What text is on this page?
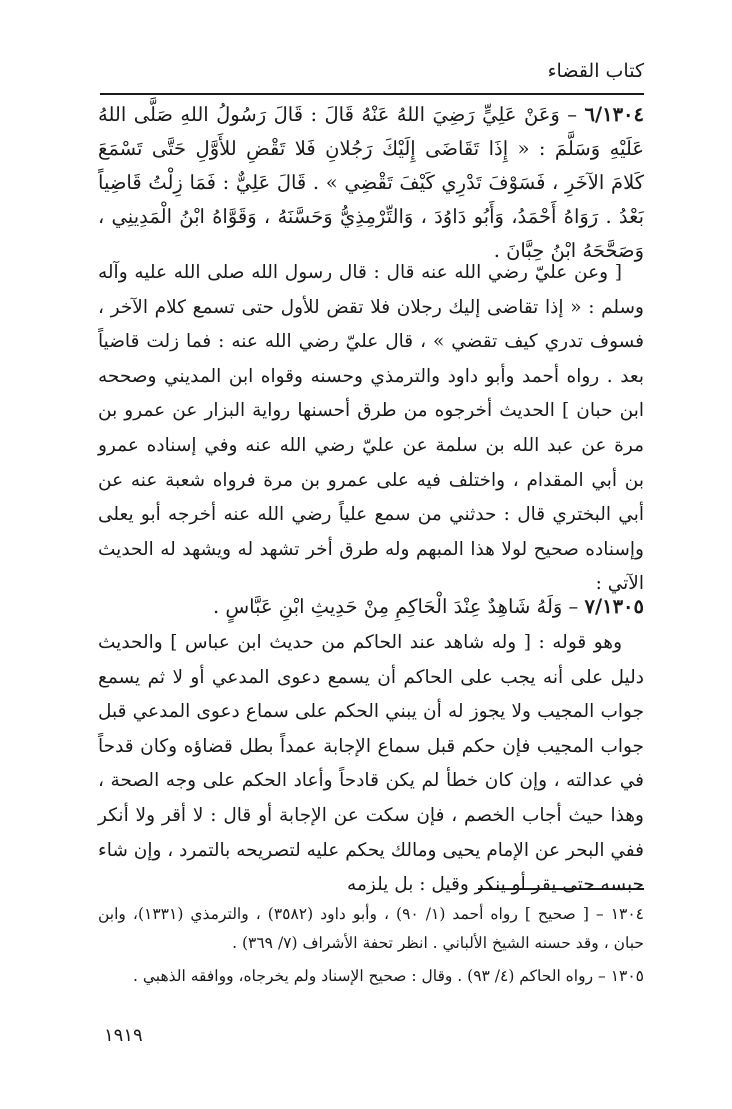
كتاب القضاء
٦/١٣٠٤ – وَعَنْ عَلِيٍّ رَضِيَ اللهُ عَنْهُ قَالَ : قَالَ رَسُولُ اللهِ صَلَّى اللهُ عَلَيْهِ وَسَلَّمَ : « إِذَا تَقَاضَى إِلَيْكَ رَجُلانِ فَلا تَقْضِ للأَوَّلِ حَتَّى تَسْمَعَ كَلامَ الآخَرِ ، فَسَوْفَ تَدْرِي كَيْفَ تَقْضِي » . قَالَ عَلِيٌّ : فَمَا زِلْتُ قَاضِياً بَعْدُ . رَوَاهُ أَحْمَدُ، وَأَبُو دَاوُدَ ، وَالتِّرْمِذِيُّ وَحَسَّنَهُ ، وَقَوَّاهُ ابْنُ الْمَدِينِي ، وَصَحَّحَهُ ابْنُ حِبَّانَ .
[ وعن عليّ رضي الله عنه قال : قال رسول الله صلى الله عليه وآله وسلم : « إذا تقاضى إليك رجلان فلا تقض للأول حتى تسمع كلام الآخر ، فسوف تدري كيف تقضي » ، قال عليّ رضي الله عنه : فما زلت قاضياً بعد . رواه أحمد وأبو داود والترمذي وحسنه وقواه ابن المديني وصححه ابن حبان ] الحديث أخرجوه من طرق أحسنها رواية البزار عن عمرو بن مرة عن عبد الله بن سلمة عن عليّ رضي الله عنه وفي إسناده عمرو بن أبي المقدام ، واختلف فيه على عمرو بن مرة فرواه شعبة عنه عن أبي البختري قال : حدثني من سمع علياً رضي الله عنه أخرجه أبو يعلى وإسناده صحيح لولا هذا المبهم وله طرق أخر تشهد له ويشهد له الحديث الآتي :
٧/١٣٠٥ – وَلَهُ شَاهِدٌ عِنْدَ الْحَاكِمِ مِنْ حَدِيثِ ابْنِ عَبَّاسٍ .
وهو قوله : [ وله شاهد عند الحاكم من حديث ابن عباس ] والحديث دليل على أنه يجب على الحاكم أن يسمع دعوى المدعي أو لا ثم يسمع جواب المجيب ولا يجوز له أن يبني الحكم على سماع دعوى المدعي قبل جواب المجيب فإن حكم قبل سماع الإجابة عمداً بطل قضاؤه وكان قدحاً في عدالته ، وإن كان خطأ لم يكن قادحاً وأعاد الحكم على وجه الصحة ، وهذا حيث أجاب الخصم ، فإن سكت عن الإجابة أو قال : لا أقر ولا أنكر ففي البحر عن الإمام يحيى ومالك يحكم عليه لتصريحه بالتمرد ، وإن شاء حبسه حتى يقر أو ينكر وقيل : بل يلزمه
١٣٠٤ – [ صحيح ] رواه أحمد (١/ ٩٠) ، وأبو داود (٣٥٨٢) ، والترمذي (١٣٣١)، وابن حبان ، وقد حسنه الشيخ الألباني . انظر تحفة الأشراف (٧/ ٣٦٩) .
١٣٠٥ – رواه الحاكم (٤/ ٩٣) . وقال : صحيح الإسناد ولم يخرجاه، ووافقه الذهبي .
١٩١٩
